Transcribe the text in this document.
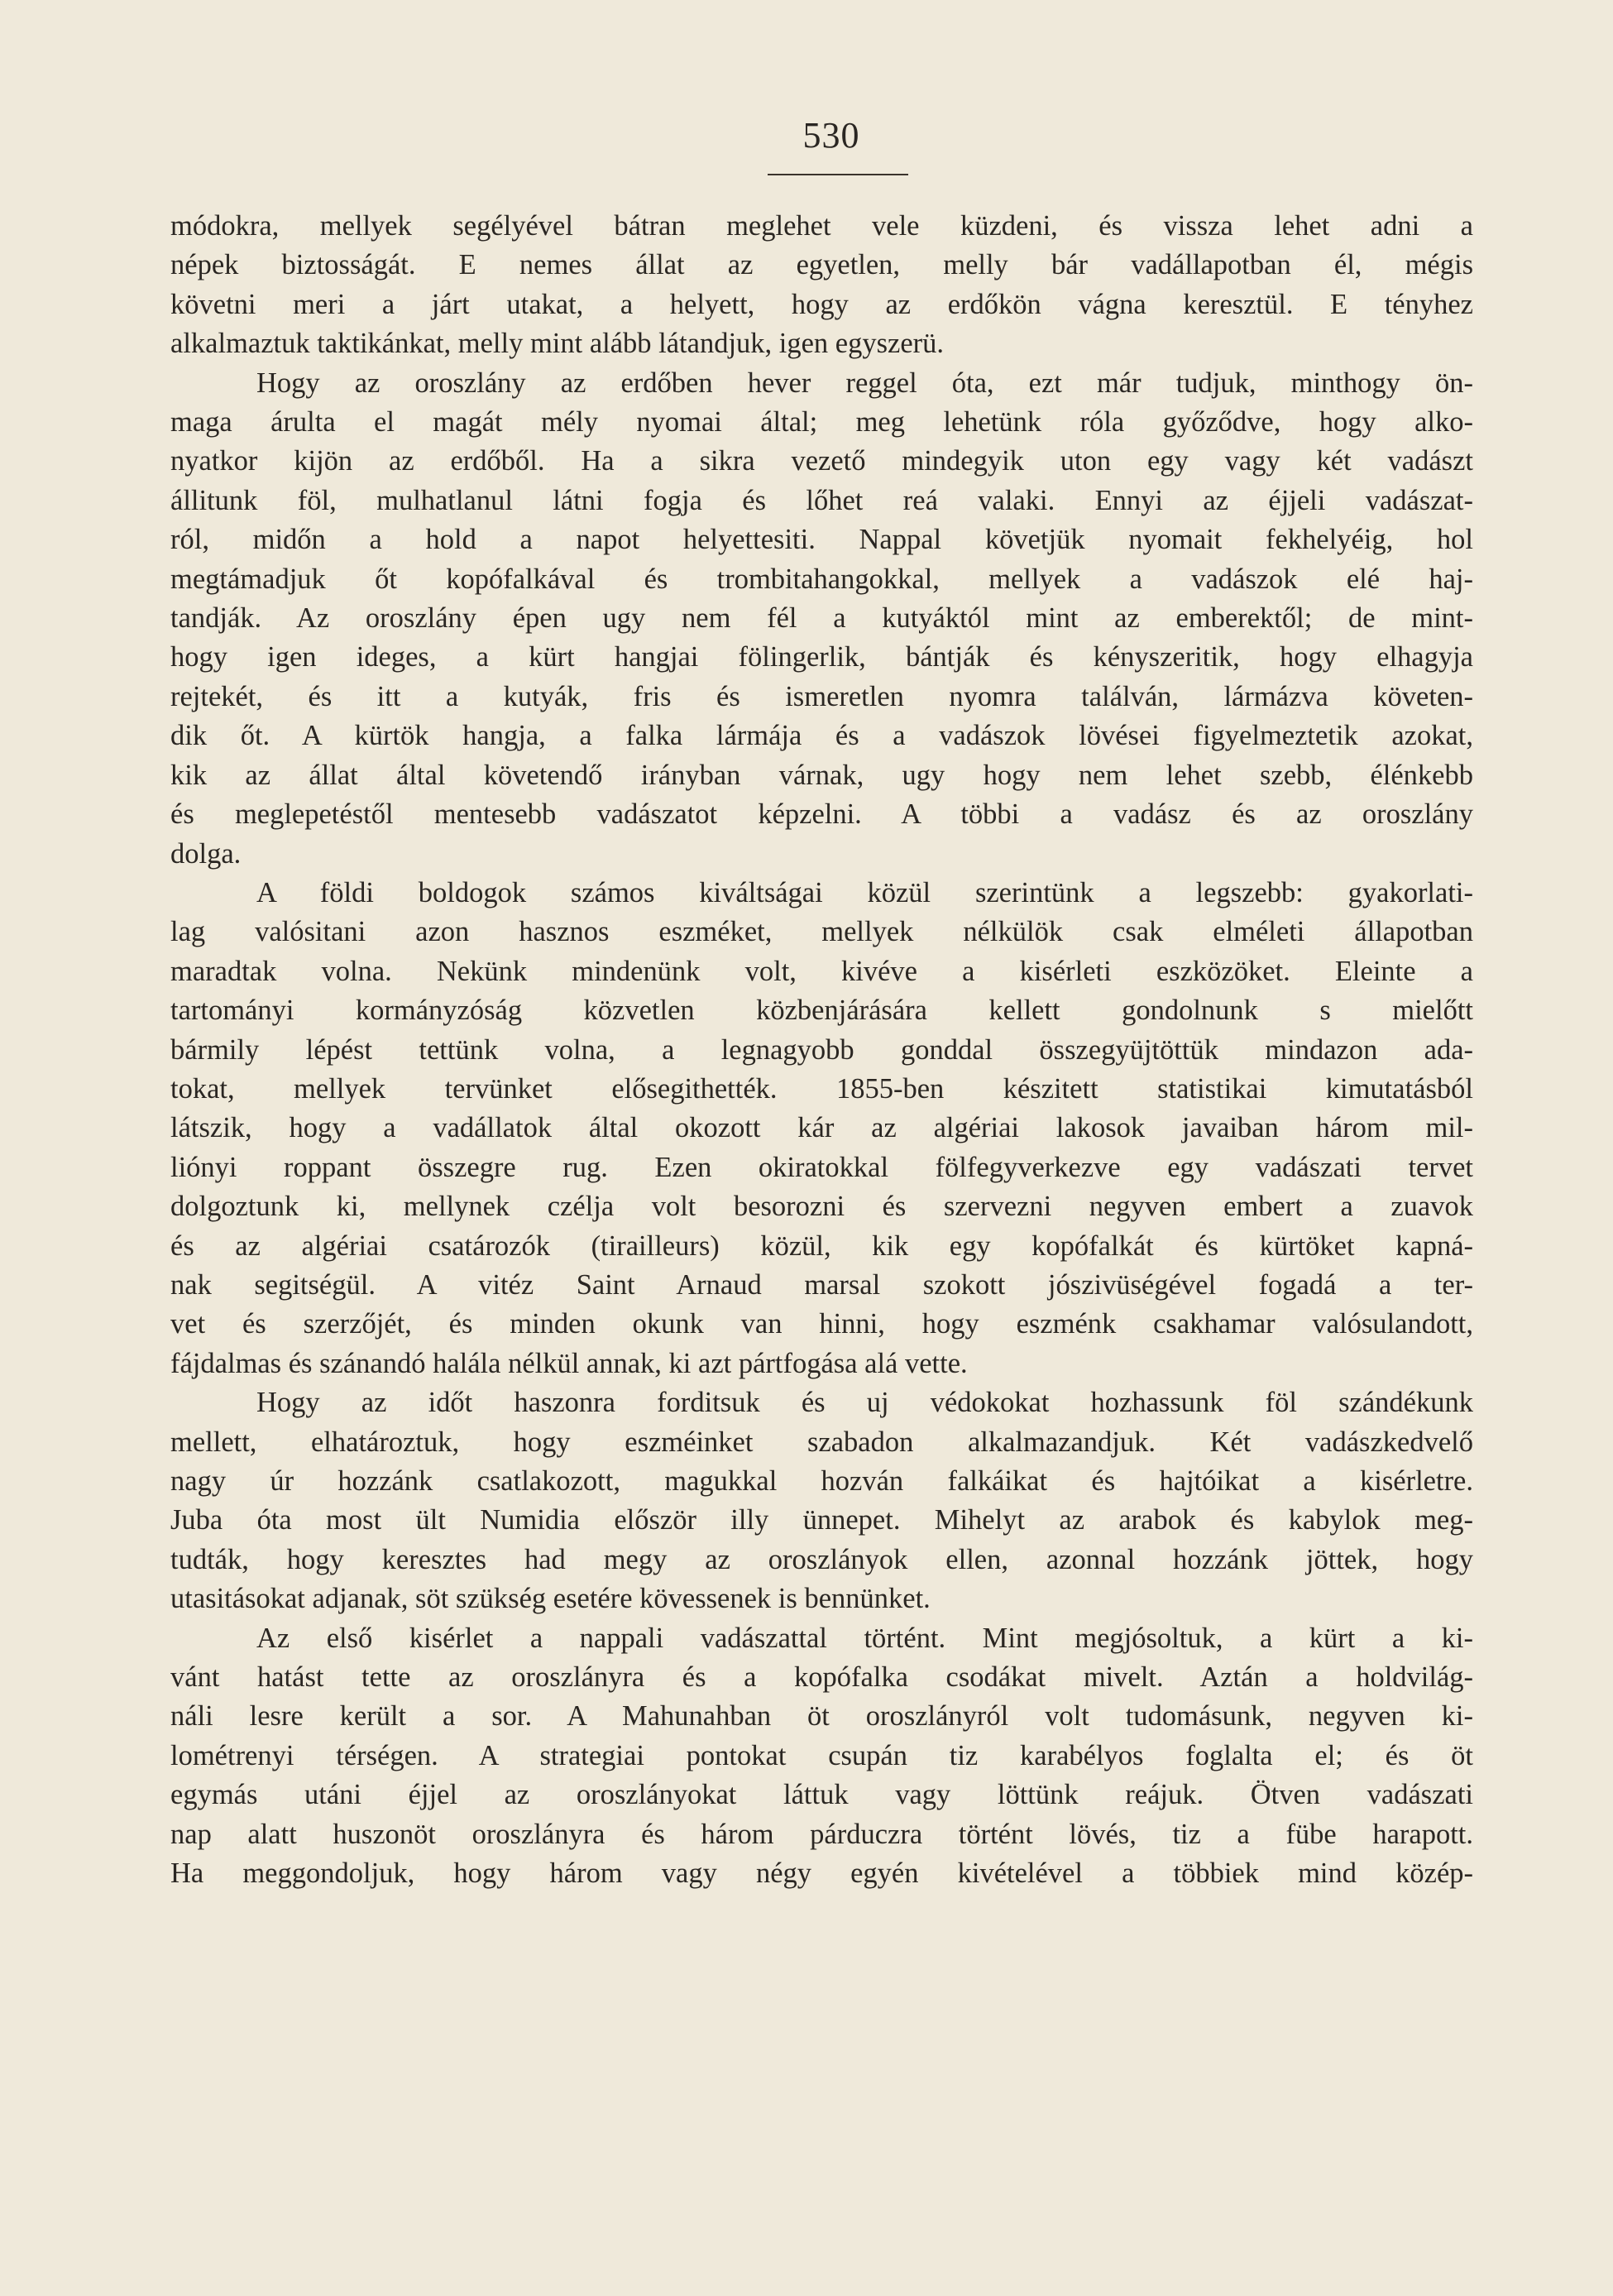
530
módokra, mellyek segélyével bátran meglehet vele küzdeni, és vissza lehet adni a
népek biztosságát. E nemes állat az egyetlen, melly bár vadállapotban él, mégis
követni meri a járt utakat, a helyett, hogy az erdőkön vágna keresztül. E tényhez
alkalmaztuk taktikánkat, melly mint alább látandjuk, igen egyszerü.
Hogy az oroszlány az erdőben hever reggel óta, ezt már tudjuk, minthogy ön-
maga árulta el magát mély nyomai által; meg lehetünk róla győződve, hogy alko-
nyatkor kijön az erdőből. Ha a sikra vezető mindegyik uton egy vagy két vadászt
állitunk föl, mulhatlanul látni fogja és lőhet reá valaki. Ennyi az éjjeli vadászat-
ról, midőn a hold a napot helyettesiti. Nappal követjük nyomait fekhelyéig, hol
megtámadjuk őt kopófalkával és trombitahangokkal, mellyek a vadászok elé haj-
tandják. Az oroszlány épen ugy nem fél a kutyáktól mint az emberektől; de mint-
hogy igen ideges, a kürt hangjai fölingerlik, bántják és kényszeritik, hogy elhagyja
rejtekét, és itt a kutyák, fris és ismeretlen nyomra találván, lármázva követen-
dik őt. A kürtök hangja, a falka lármája és a vadászok lövései figyelmeztetik azokat,
kik az állat által követendő irányban várnak, ugy hogy nem lehet szebb, élénkebb
és meglepetéstől mentesebb vadászatot képzelni. A többi a vadász és az oroszlány
dolga.
A földi boldogok számos kiváltságai közül szerintünk a legszebb: gyakorlati-
lag valósitani azon hasznos eszméket, mellyek nélkülök csak elméleti állapotban
maradtak volna. Nekünk mindenünk volt, kivéve a kisérleti eszközöket. Eleinte a
tartományi kormányzóság közvetlen közbenjárására kellett gondolnunk s mielőtt
bármily lépést tettünk volna, a legnagyobb gonddal összegyüjtöttük mindazon ada-
tokat, mellyek tervünket elősegithették. 1855-ben készitett statistikai kimutatásból
látszik, hogy a vadállatok által okozott kár az algériai lakosok javaiban három mil-
liónyi roppant összegre rug. Ezen okiratokkal fölfegyverkezve egy vadászati tervet
dolgoztunk ki, mellynek czélja volt besorozni és szervezni negyven embert a zuavok
és az algériai csatározók (tirailleurs) közül, kik egy kopófalkát és kürtöket kapná-
nak segitségül. A vitéz Saint Arnaud marsal szokott jószivüségével fogadá a ter-
vet és szerzőjét, és minden okunk van hinni, hogy eszménk csakhamar valósulandott,
fájdalmas és szánandó halála nélkül annak, ki azt pártfogása alá vette.
Hogy az időt haszonra forditsuk és uj védokokat hozhassunk föl szándékunk
mellett, elhatároztuk, hogy eszméinket szabadon alkalmazandjuk. Két vadászkedvelő
nagy úr hozzánk csatlakozott, magukkal hozván falkáikat és hajtóikat a kisérletre.
Juba óta most ült Numidia először illy ünnepet. Mihelyt az arabok és kabylok meg-
tudták, hogy keresztes had megy az oroszlányok ellen, azonnal hozzánk jöttek, hogy
utasitásokat adjanak, söt szükség esetére kövessenek is bennünket.
Az első kisérlet a nappali vadászattal történt. Mint megjósoltuk, a kürt a ki-
vánt hatást tette az oroszlányra és a kopófalka csodákat mivelt. Aztán a holdvilág-
náli lesre került a sor. A Mahunahban öt oroszlányról volt tudomásunk, negyven ki-
lométrenyi térségen. A strategiai pontokat csupán tiz karabélyos foglalta el; és öt
egymás utáni éjjel az oroszlányokat láttuk vagy löttünk reájuk. Ötven vadászati
nap alatt huszonöt oroszlányra és három párduczra történt lövés, tiz a fübe harapott.
Ha meggondoljuk, hogy három vagy négy egyén kivételével a többiek mind közép-
